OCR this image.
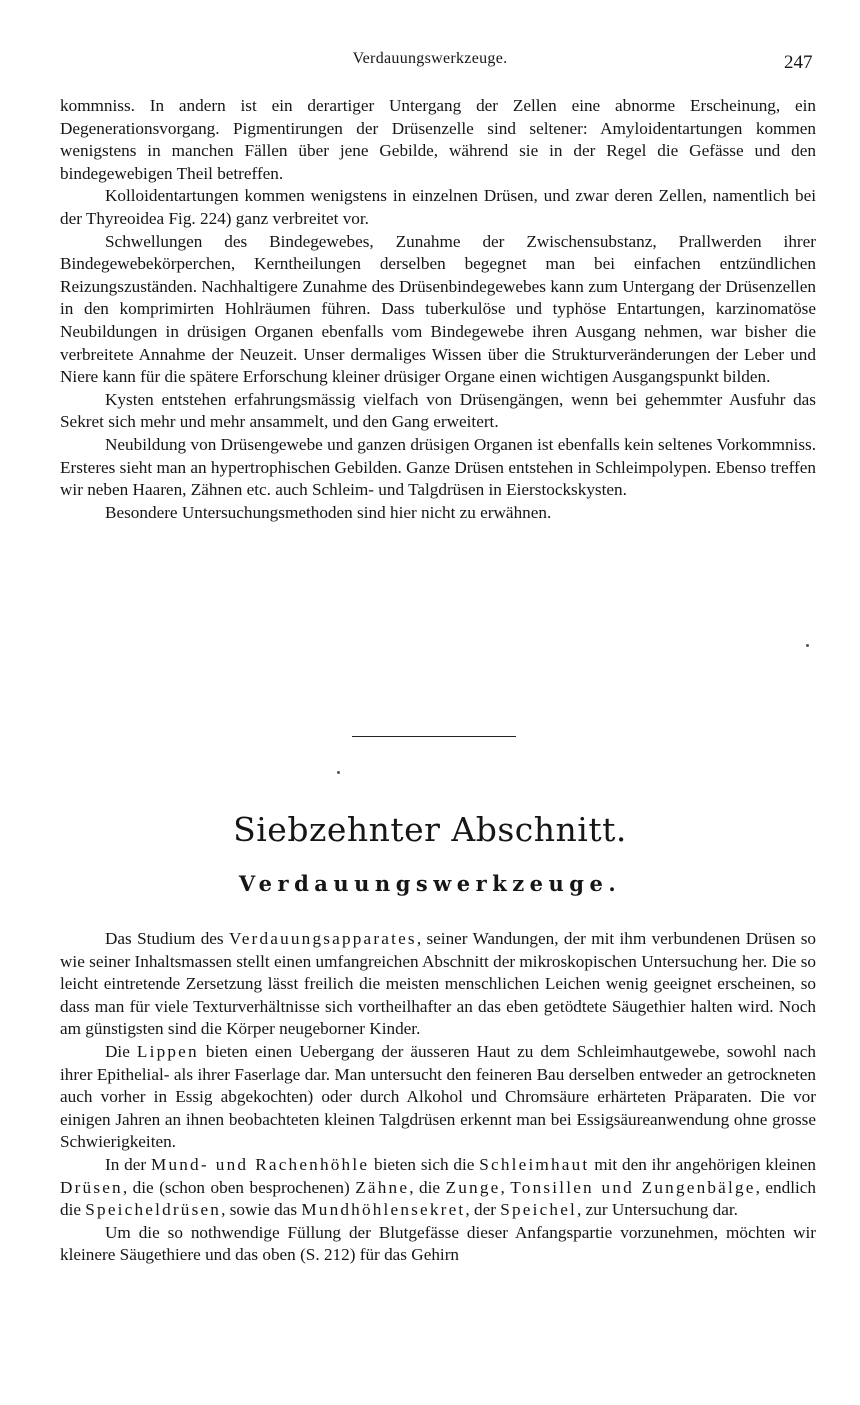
Verdauungswerkzeuge.	247

kommniss. In andern ist ein derartiger Untergang der Zellen eine abnorme Erscheinung, ein Degenerationsvorgang. Pigmentirungen der Drüsenzelle sind seltener: Amyloidentartungen kommen wenigstens in manchen Fällen über jene Gebilde, während sie in der Regel die Gefässe und den bindegewebigen Theil betreffen.

Kolloidentartungen kommen wenigstens in einzelnen Drüsen, und zwar deren Zellen, namentlich bei der Thyreoidea Fig. 224) ganz verbreitet vor.

Schwellungen des Bindegewebes, Zunahme der Zwischensubstanz, Prallwerden ihrer Bindegewebekörperchen, Kerntheilungen derselben begegnet man bei einfachen entzündlichen Reizungszuständen. Nachhaltigere Zunahme des Drüsenbindegewebes kann zum Untergang der Drüsenzellen in den komprimirten Hohlräumen führen. Dass tuberkulöse und typhöse Entartungen, karzinomatöse Neubildungen in drüsigen Organen ebenfalls vom Bindegewebe ihren Ausgang nehmen, war bisher die verbreitete Annahme der Neuzeit. Unser dermaliges Wissen über die Strukturveränderungen der Leber und Niere kann für die spätere Erforschung kleiner drüsiger Organe einen wichtigen Ausgangspunkt bilden.

Kysten entstehen erfahrungsmässig vielfach von Drüsengängen, wenn bei gehemmter Ausfuhr das Sekret sich mehr und mehr ansammelt, und den Gang erweitert.

Neubildung von Drüsengewebe und ganzen drüsigen Organen ist ebenfalls kein seltenes Vorkommniss. Ersteres sieht man an hypertrophischen Gebilden. Ganze Drüsen entstehen in Schleimpolypen. Ebenso treffen wir neben Haaren, Zähnen etc. auch Schleim- und Talgdrüsen in Eierstockskysten.

Besondere Untersuchungsmethoden sind hier nicht zu erwähnen.

Siebzehnter Abschnitt.
Verdauungswerkzeuge.

Das Studium des Verdauungsapparates, seiner Wandungen, der mit ihm verbundenen Drüsen so wie seiner Inhaltsmassen stellt einen umfangreichen Abschnitt der mikroskopischen Untersuchung her. Die so leicht eintretende Zersetzung lässt freilich die meisten menschlichen Leichen wenig geeignet erscheinen, so dass man für viele Texturverhältnisse sich vortheilhafter an das eben getödtete Säugethier halten wird. Noch am günstigsten sind die Körper neugeborner Kinder.

Die Lippen bieten einen Uebergang der äusseren Haut zu dem Schleimhautgewebe, sowohl nach ihrer Epithelial- als ihrer Faserlage dar. Man untersucht den feineren Bau derselben entweder an getrockneten auch vorher in Essig abgekochten) oder durch Alkohol und Chromsäure erhärteten Präparaten. Die vor einigen Jahren an ihnen beobachteten kleinen Talgdrüsen erkennt man bei Essigsäureanwendung ohne grosse Schwierigkeiten.

In der Mund- und Rachenhöhle bieten sich die Schleimhaut mit den ihr angehörigen kleinen Drüsen, die (schon oben besprochenen) Zähne, die Zunge, Tonsillen und Zungenbälge, endlich die Speicheldrüsen, sowie das Mundhöhlensekret, der Speichel, zur Untersuchung dar.

Um die so nothwendige Füllung der Blutgefässe dieser Anfangspartie vorzunehmen, möchten wir kleinere Säugethiere und das oben (S. 212) für das Gehirn
